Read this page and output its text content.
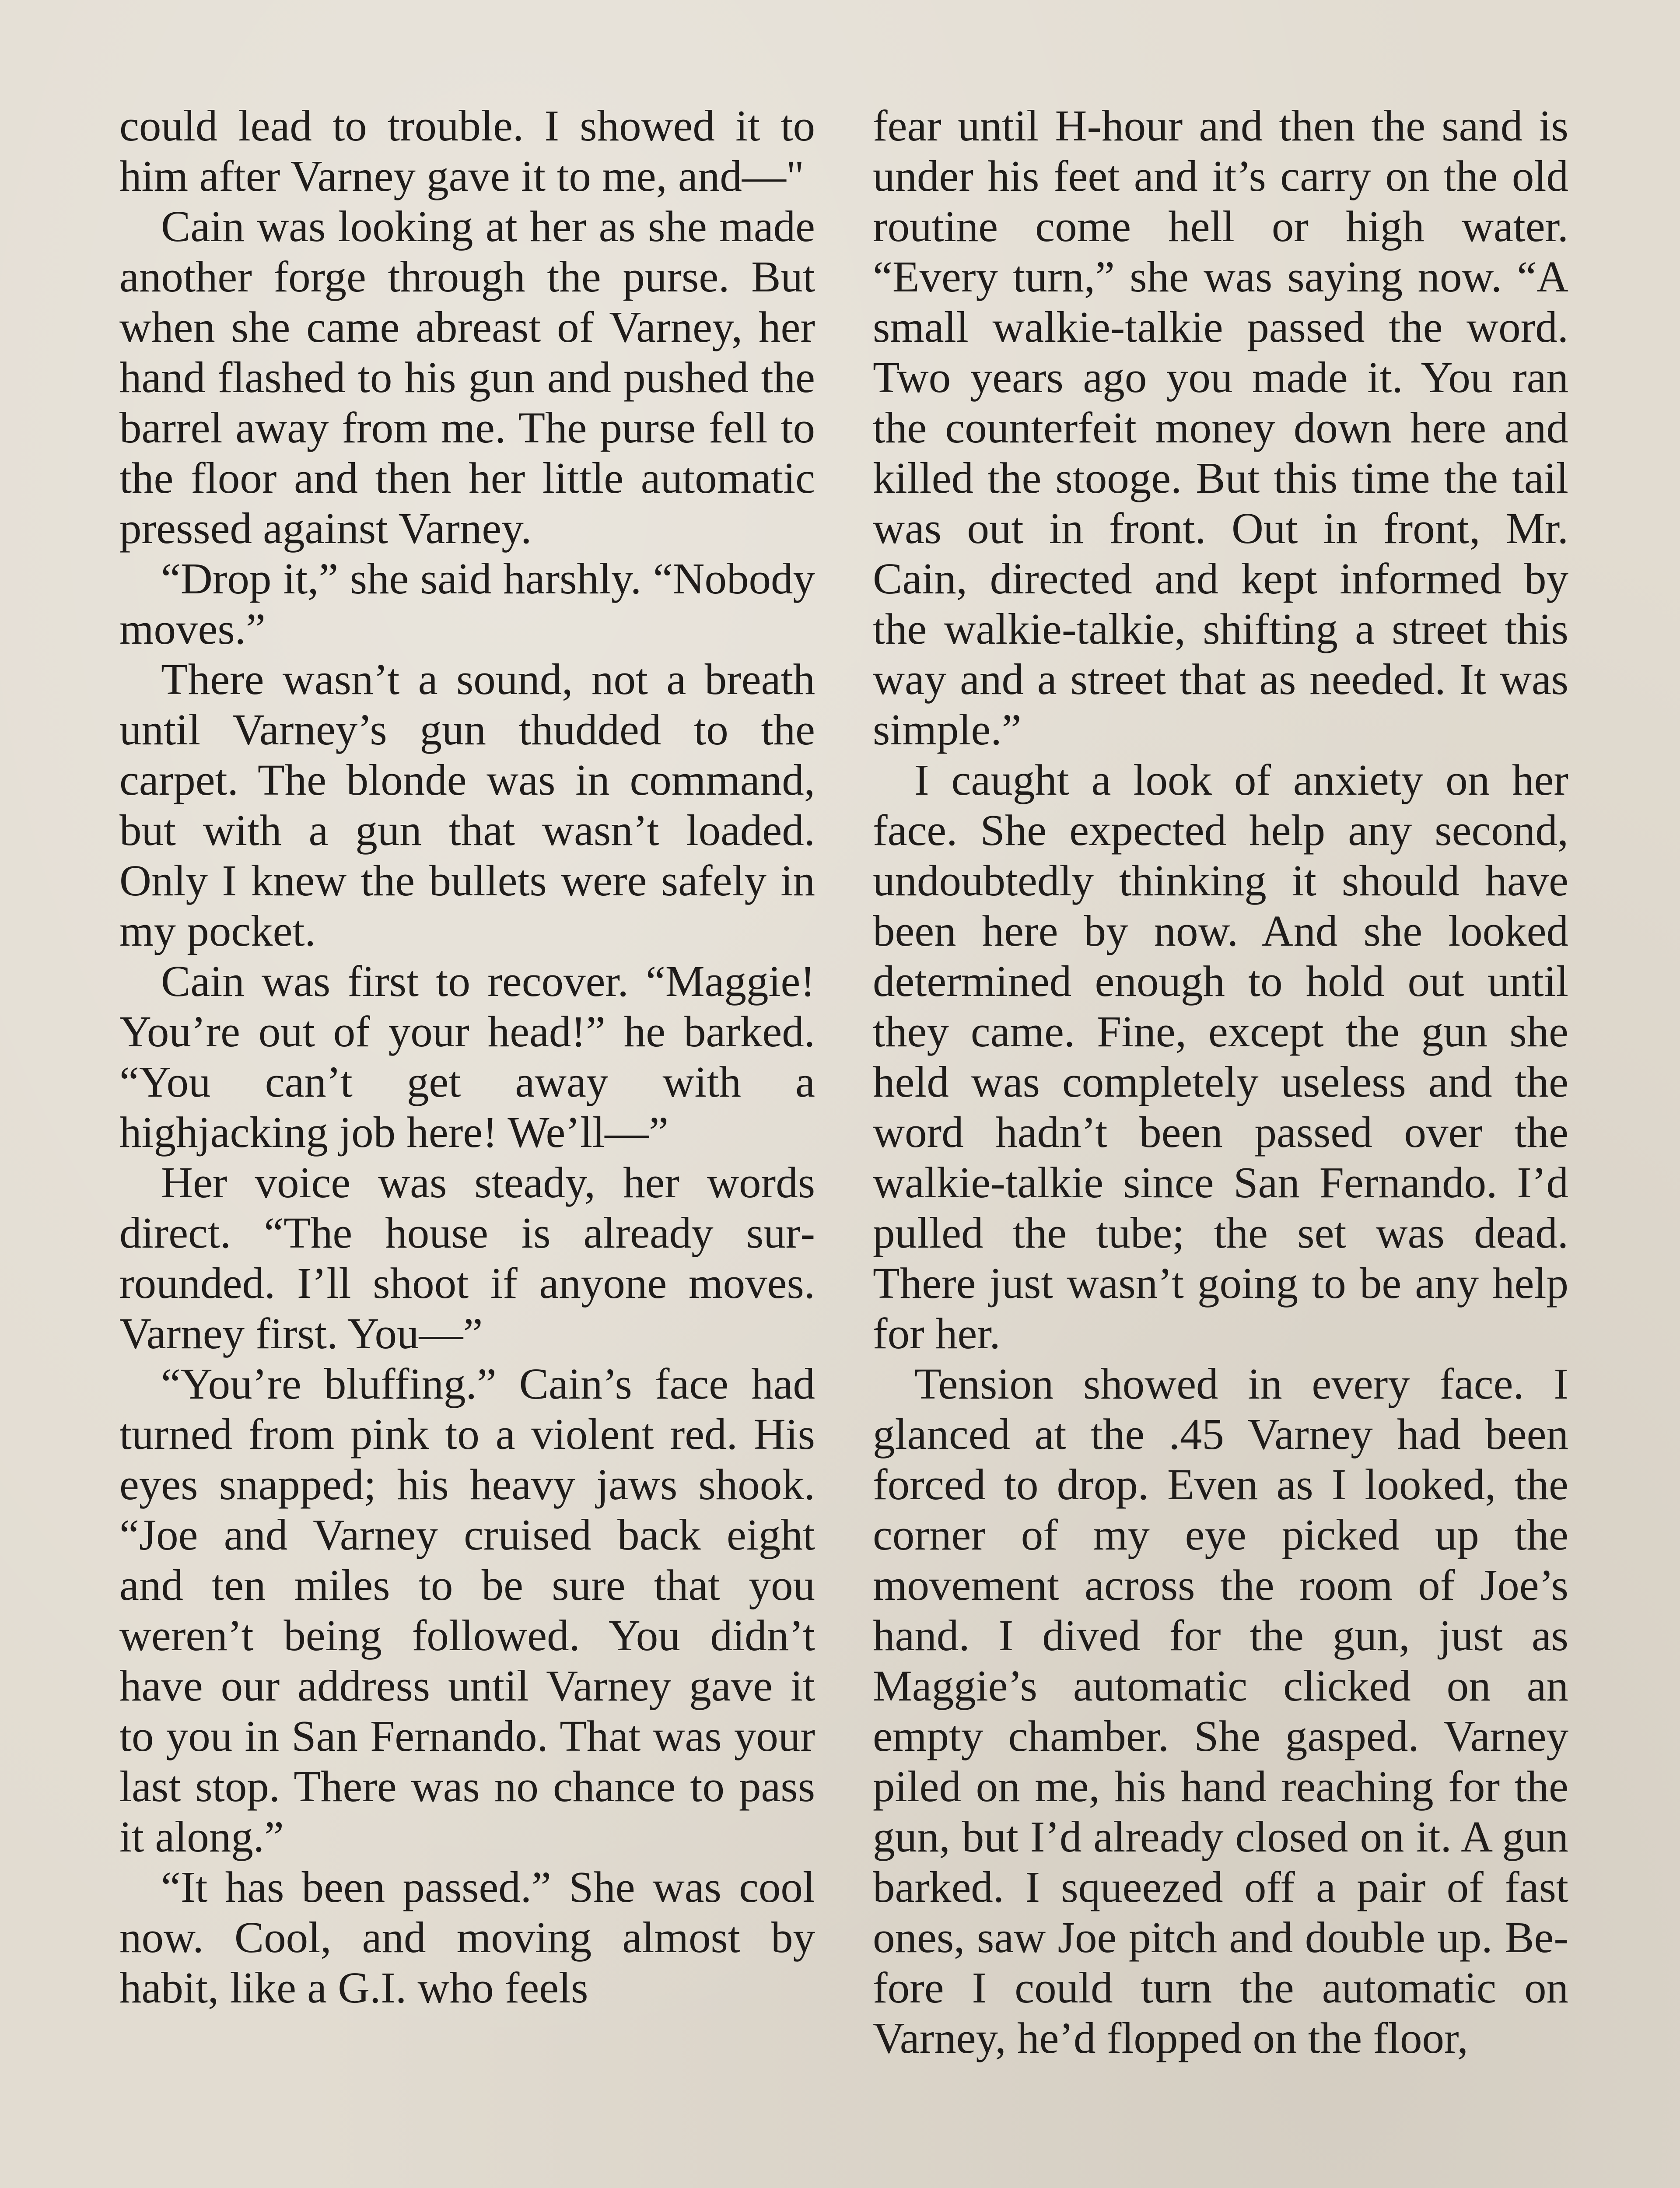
could lead to trouble. I showed it to him after Varney gave it to me, and—"

Cain was looking at her as she made another forge through the purse. But when she came abreast of Varney, her hand flashed to his gun and pushed the barrel away from me. The purse fell to the floor and then her little automatic pressed against Varney.

“Drop it,” she said harshly. “Nobody moves.”

There wasn’t a sound, not a breath until Varney’s gun thudded to the carpet. The blonde was in command, but with a gun that wasn’t loaded. Only I knew the bullets were safely in my pocket.

Cain was first to recover. “Maggie! You’re out of your head!” he barked. “You can’t get away with a highjacking job here! We’ll—”

Her voice was steady, her words direct. “The house is already surrounded. I’ll shoot if anyone moves. Varney first. You—”

“You’re bluffing.” Cain’s face had turned from pink to a violent red. His eyes snapped; his heavy jaws shook. “Joe and Varney cruised back eight and ten miles to be sure that you weren’t being followed. You didn’t have our address until Varney gave it to you in San Fernando. That was your last stop. There was no chance to pass it along.”

“It has been passed.” She was cool now. Cool, and moving almost by habit, like a G.I. who feels

fear until H-hour and then the sand is under his feet and it’s carry on the old routine come hell or high water. “Every turn,” she was saying now. “A small walkie-talkie passed the word. Two years ago you made it. You ran the counterfeit money down here and killed the stooge. But this time the tail was out in front. Out in front, Mr. Cain, directed and kept informed by the walkie-talkie, shifting a street this way and a street that as needed. It was simple.”

I caught a look of anxiety on her face. She expected help any second, undoubtedly thinking it should have been here by now. And she looked determined enough to hold out until they came. Fine, except the gun she held was completely useless and the word hadn’t been passed over the walkie-talkie since San Fernando. I’d pulled the tube; the set was dead. There just wasn’t going to be any help for her.

Tension showed in every face. I glanced at the .45 Varney had been forced to drop. Even as I looked, the corner of my eye picked up the movement across the room of Joe’s hand. I dived for the gun, just as Maggie’s automatic clicked on an empty chamber. She gasped. Varney piled on me, his hand reaching for the gun, but I’d already closed on it. A gun barked. I squeezed off a pair of fast ones, saw Joe pitch and double up. Before I could turn the automatic on Varney, he’d flopped on the floor,
